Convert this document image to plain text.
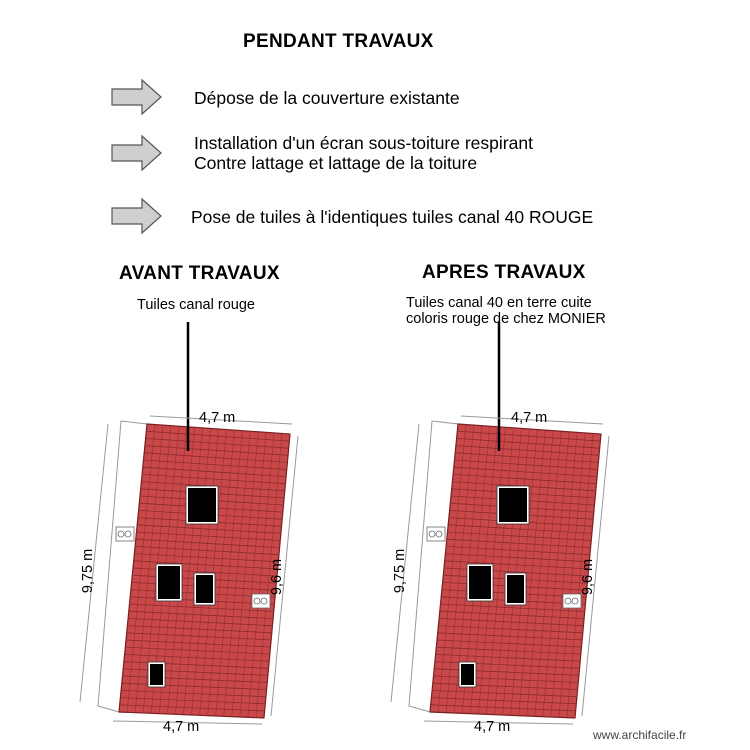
PENDANT TRAVAUX
Dépose de la couverture existante
Installation d'un écran sous-toiture respirant
Contre lattage et lattage de la toiture
Pose de tuiles à l'identiques tuiles canal 40 ROUGE
AVANT TRAVAUX	APRES TRAVAUX
Tuiles canal rouge	Tuiles canal 40 en terre cuite
coloris rouge de chez MONIER
4,7 m
4,7 m
9,75 m	9,6 m
4,7 m
4,7 m
9,75 m	9,6 m
www.archifacile.fr
